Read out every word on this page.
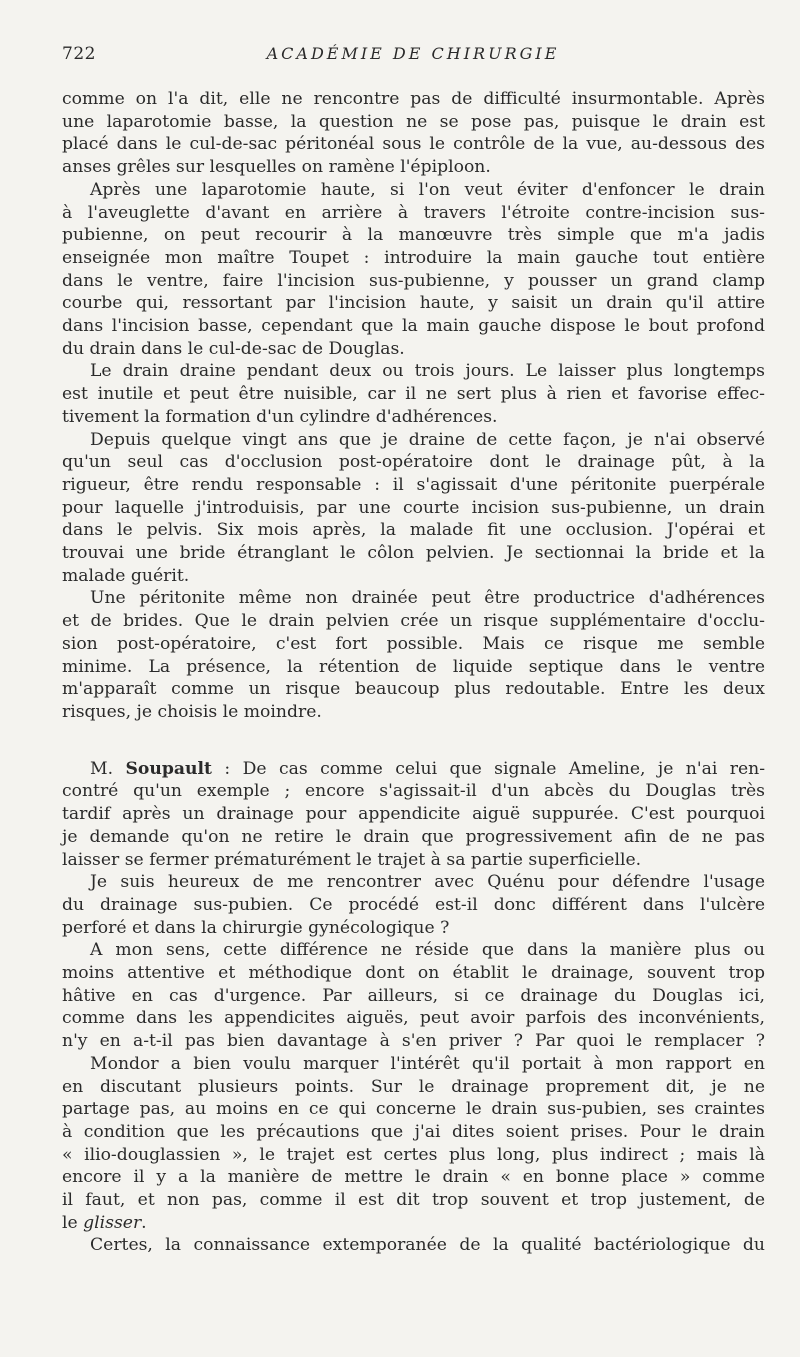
722	ACADÉMIE DE CHIRURGIE
comme on l'a dit, elle ne rencontre pas de difficulté insurmontable. Après
une laparotomie basse, la question ne se pose pas, puisque le drain est
placé dans le cul-de-sac péritonéal sous le contrôle de la vue, au-dessous des
anses grêles sur lesquelles on ramène l'épiploon.
Après une laparotomie haute, si l'on veut éviter d'enfoncer le drain
à l'aveuglette d'avant en arrière à travers l'étroite contre-incision sus-
pubienne, on peut recourir à la manœuvre très simple que m'a jadis
enseignée mon maître Toupet : introduire la main gauche tout entière
dans le ventre, faire l'incision sus-pubienne, y pousser un grand clamp
courbe qui, ressortant par l'incision haute, y saisit un drain qu'il attire
dans l'incision basse, cependant que la main gauche dispose le bout profond
du drain dans le cul-de-sac de Douglas.
Le drain draine pendant deux ou trois jours. Le laisser plus longtemps
est inutile et peut être nuisible, car il ne sert plus à rien et favorise effec-
tivement la formation d'un cylindre d'adhérences.
Depuis quelque vingt ans que je draine de cette façon, je n'ai observé
qu'un seul cas d'occlusion post-opératoire dont le drainage pût, à la
rigueur, être rendu responsable : il s'agissait d'une péritonite puerpérale
pour laquelle j'introduisis, par une courte incision sus-pubienne, un drain
dans le pelvis. Six mois après, la malade fit une occlusion. J'opérai et
trouvai une bride étranglant le côlon pelvien. Je sectionnai la bride et la
malade guérit.
Une péritonite même non drainée peut être productrice d'adhérences
et de brides. Que le drain pelvien crée un risque supplémentaire d'occlu-
sion post-opératoire, c'est fort possible. Mais ce risque me semble
minime. La présence, la rétention de liquide septique dans le ventre
m'apparaît comme un risque beaucoup plus redoutable. Entre les deux
risques, je choisis le moindre.
M. Soupault : De cas comme celui que signale Ameline, je n'ai ren-
contré qu'un exemple ; encore s'agissait-il d'un abcès du Douglas très
tardif après un drainage pour appendicite aiguë suppurée. C'est pourquoi
je demande qu'on ne retire le drain que progressivement afin de ne pas
laisser se fermer prématurément le trajet à sa partie superficielle.
Je suis heureux de me rencontrer avec Quénu pour défendre l'usage
du drainage sus-pubien. Ce procédé est-il donc différent dans l'ulcère
perforé et dans la chirurgie gynécologique ?
A mon sens, cette différence ne réside que dans la manière plus ou
moins attentive et méthodique dont on établit le drainage, souvent trop
hâtive en cas d'urgence. Par ailleurs, si ce drainage du Douglas ici,
comme dans les appendicites aiguës, peut avoir parfois des inconvénients,
n'y en a-t-il pas bien davantage à s'en priver ? Par quoi le remplacer ?
Mondor a bien voulu marquer l'intérêt qu'il portait à mon rapport en
en discutant plusieurs points. Sur le drainage proprement dit, je ne
partage pas, au moins en ce qui concerne le drain sus-pubien, ses craintes
à condition que les précautions que j'ai dites soient prises. Pour le drain
« ilio-douglassien », le trajet est certes plus long, plus indirect ; mais là
encore il y a la manière de mettre le drain « en bonne place » comme
il faut, et non pas, comme il est dit trop souvent et trop justement, de
le glisser.
Certes, la connaissance extemporanée de la qualité bactériologique du
